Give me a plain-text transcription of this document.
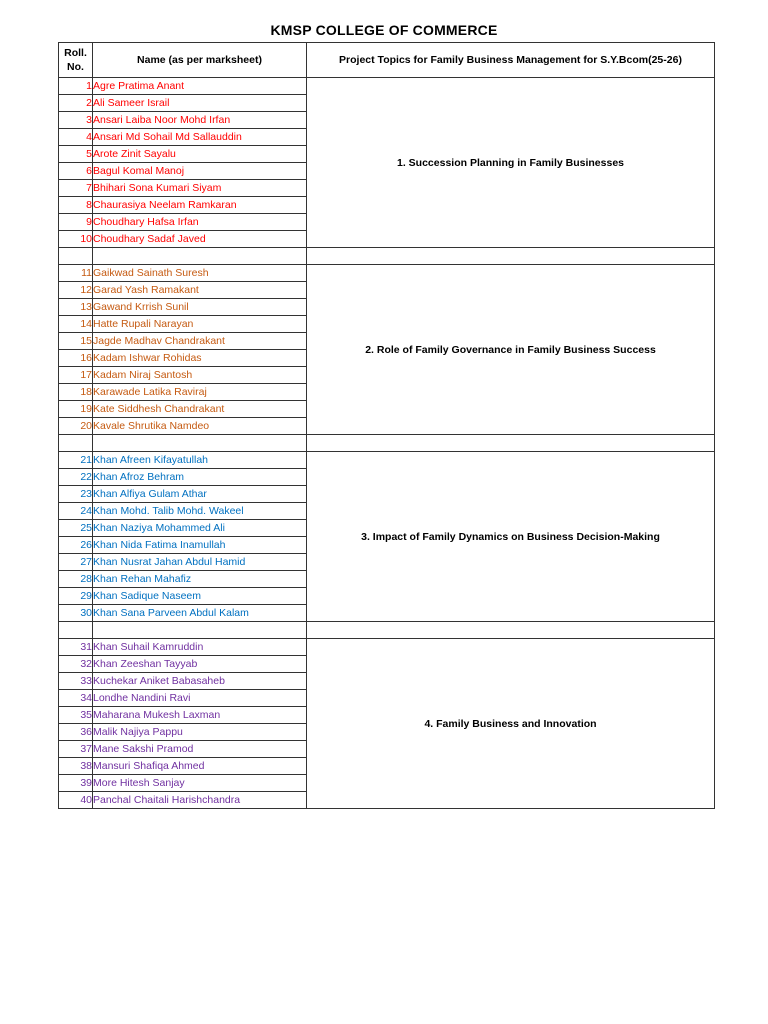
KMSP COLLEGE OF COMMERCE
Roll.
No.	Name (as per marksheet)	Project Topics for Family Business Management for S.Y.Bcom(25-26)
1	Agre Pratima Anant	1. Succession Planning in Family Businesses
2	Ali Sameer Israil	
3	Ansari Laiba Noor Mohd Irfan	
4	Ansari Md Sohail Md Sallauddin	
5	Arote Zinit Sayalu	
6	Bagul Komal Manoj	
7	Bhihari Sona Kumari Siyam	
8	Chaurasiya Neelam Ramkaran	
9	Choudhary Hafsa Irfan	
10	Choudhary Sadaf Javed	

11	Gaikwad Sainath Suresh	2. Role of Family Governance in Family Business Success
12	Garad Yash Ramakant	
13	Gawand Krrish Sunil	
14	Hatte Rupali Narayan	
15	Jagde Madhav Chandrakant	
16	Kadam Ishwar Rohidas	
17	Kadam Niraj Santosh	
18	Karawade Latika Raviraj	
19	Kate Siddhesh Chandrakant	
20	Kavale Shrutika Namdeo	

21	Khan Afreen Kifayatullah	3. Impact of Family Dynamics on Business Decision-Making
22	Khan Afroz Behram	
23	Khan Alfiya Gulam Athar	
24	Khan Mohd. Talib Mohd. Wakeel	
25	Khan Naziya Mohammed Ali	
26	Khan Nida Fatima Inamullah	
27	Khan Nusrat Jahan Abdul Hamid	
28	Khan Rehan Mahafiz	
29	Khan Sadique Naseem	
30	Khan Sana Parveen Abdul Kalam	

31	Khan Suhail Kamruddin	4. Family Business and Innovation
32	Khan Zeeshan Tayyab	
33	Kuchekar Aniket Babasaheb	
34	Londhe Nandini Ravi	
35	Maharana Mukesh Laxman	
36	Malik Najiya Pappu	
37	Mane Sakshi Pramod	
38	Mansuri Shafiqa Ahmed	
39	More Hitesh Sanjay	
40	Panchal Chaitali Harishchandra	
